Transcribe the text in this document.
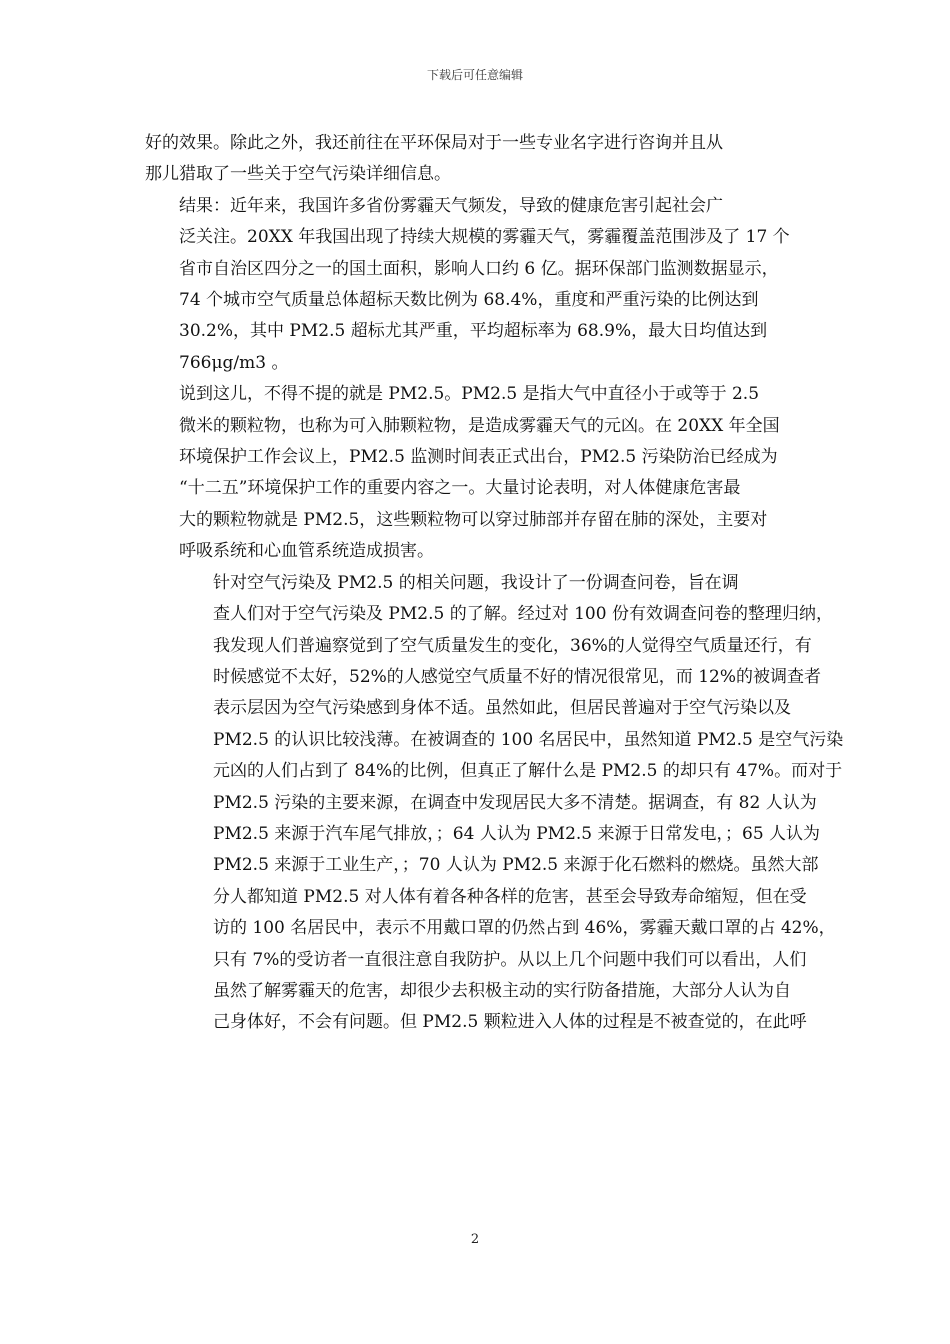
下载后可任意编辑
好的效果。除此之外，我还前往在平环保局对于一些专业名字进行咨询并且从
那儿猎取了一些关于空气污染详细信息。
结果：近年来，我国许多省份雾霾天气频发，导致的健康危害引起社会广
泛关注。20XX 年我国出现了持续大规模的雾霾天气，雾霾覆盖范围涉及了 17 个
省市自治区四分之一的国土面积，影响人口约 6 亿。据环保部门监测数据显示，
74 个城市空气质量总体超标天数比例为 68.4%，重度和严重污染的比例达到
30.2%，其中 PM2.5 超标尤其严重，平均超标率为 68.9%，最大日均值达到
766μg/m3 。
说到这儿，不得不提的就是 PM2.5。PM2.5 是指大气中直径小于或等于 2.5
微米的颗粒物，也称为可入肺颗粒物，是造成雾霾天气的元凶。在 20XX 年全国
环境保护工作会议上，PM2.5 监测时间表正式出台，PM2.5 污染防治已经成为
“十二五”环境保护工作的重要内容之一。大量讨论表明，对人体健康危害最
大的颗粒物就是 PM2.5，这些颗粒物可以穿过肺部并存留在肺的深处，主要对
呼吸系统和心血管系统造成损害。
针对空气污染及 PM2.5 的相关问题，我设计了一份调查问卷，旨在调
查人们对于空气污染及 PM2.5 的了解。经过对 100 份有效调查问卷的整理归纳，
我发现人们普遍察觉到了空气质量发生的变化，36%的人觉得空气质量还行，有
时候感觉不太好，52%的人感觉空气质量不好的情况很常见，而 12%的被调查者
表示层因为空气污染感到身体不适。虽然如此，但居民普遍对于空气污染以及
PM2.5 的认识比较浅薄。在被调查的 100 名居民中，虽然知道 PM2.5 是空气污染
元凶的人们占到了 84%的比例，但真正了解什么是 PM2.5 的却只有 47%。而对于
PM2.5 污染的主要来源，在调查中发现居民大多不清楚。据调查，有 82 人认为
PM2.5 来源于汽车尾气排放，；64 人认为 PM2.5 来源于日常发电，；65 人认为
PM2.5 来源于工业生产，；70 人认为 PM2.5 来源于化石燃料的燃烧。虽然大部
分人都知道 PM2.5 对人体有着各种各样的危害，甚至会导致寿命缩短，但在受
访的 100 名居民中，表示不用戴口罩的仍然占到 46%，雾霾天戴口罩的占 42%，
只有 7%的受访者一直很注意自我防护。从以上几个问题中我们可以看出，人们
虽然了解雾霾天的危害，却很少去积极主动的实行防备措施，大部分人认为自
己身体好，不会有问题。但 PM2.5 颗粒进入人体的过程是不被查觉的，在此呼
2
